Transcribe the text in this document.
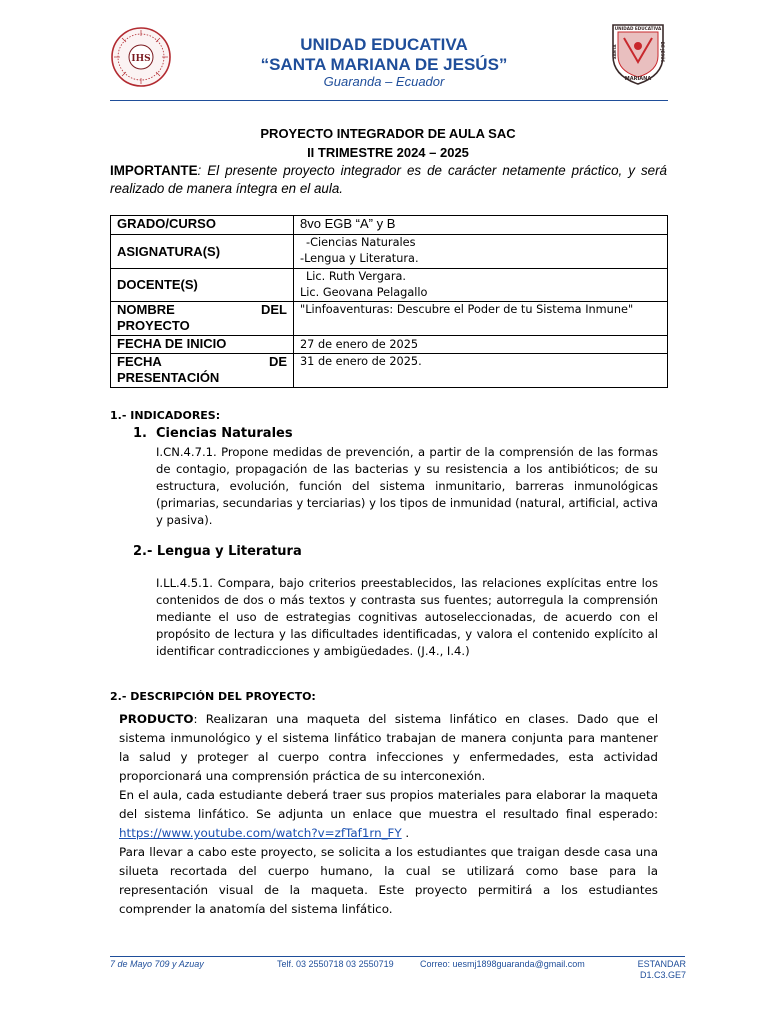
IHS
UNIDAD EDUCATIVA
MARIANA
SANTA	DE JESÚS
UNIDAD EDUCATIVA
“SANTA MARIANA DE JESÚS”
Guaranda – Ecuador
PROYECTO INTEGRADOR DE AULA SAC
II TRIMESTRE 2024 – 2025
IMPORTANTE: El presente proyecto integrador es de carácter netamente práctico, y será realizado de manera íntegra en el aula.
GRADO/CURSO	8vo EGB “A” y B
ASIGNATURA(S)	-Ciencias Naturales
-Lengua y Literatura.

DOCENTE(S)	Lic. Ruth Vergara.
Lic. Geovana Pelagallo

NOMBRE DEL
PROYECTO	"Linfoaventuras: Descubre el Poder de tu Sistema Inmune"
FECHA DE INICIO	27 de enero de 2025

FECHA DE
PRESENTACIÓN	31 de enero de 2025.
1.- INDICADORES:
1. Ciencias Naturales
I.CN.4.7.1. Propone medidas de prevención, a partir de la comprensión de las formas de contagio, propagación de las bacterias y su resistencia a los antibióticos; de su estructura, evolución, función del sistema inmunitario, barreras inmunológicas (primarias, secundarias y terciarias) y los tipos de inmunidad (natural, artificial, activa y pasiva).
2.- Lengua y Literatura
I.LL.4.5.1. Compara, bajo criterios preestablecidos, las relaciones explícitas entre los contenidos de dos o más textos y contrasta sus fuentes; autorregula la comprensión mediante el uso de estrategias cognitivas autoseleccionadas, de acuerdo con el propósito de lectura y las dificultades identificadas, y valora el contenido explícito al identificar contradicciones y ambigüedades. (J.4., I.4.)
2.- DESCRIPCIÓN DEL PROYECTO:
PRODUCTO: Realizaran una maqueta del sistema linfático en clases. Dado que el sistema inmunológico y el sistema linfático trabajan de manera conjunta para mantener la salud y proteger al cuerpo contra infecciones y enfermedades, esta actividad proporcionará una comprensión práctica de su interconexión.
En el aula, cada estudiante deberá traer sus propios materiales para elaborar la maqueta del sistema linfático. Se adjunta un enlace que muestra el resultado final esperado: https://www.youtube.com/watch?v=zfTaf1rn_FY .
Para llevar a cabo este proyecto, se solicita a los estudiantes que traigan desde casa una silueta recortada del cuerpo humano, la cual se utilizará como base para la representación visual de la maqueta. Este proyecto permitirá a los estudiantes comprender la anatomía del sistema linfático.
7 de Mayo 709 y Azuay	Telf. 03 2550718 03 2550719	Correo: uesmj1898guaranda@gmail.com	ESTANDAR
D1.C3.GE7
